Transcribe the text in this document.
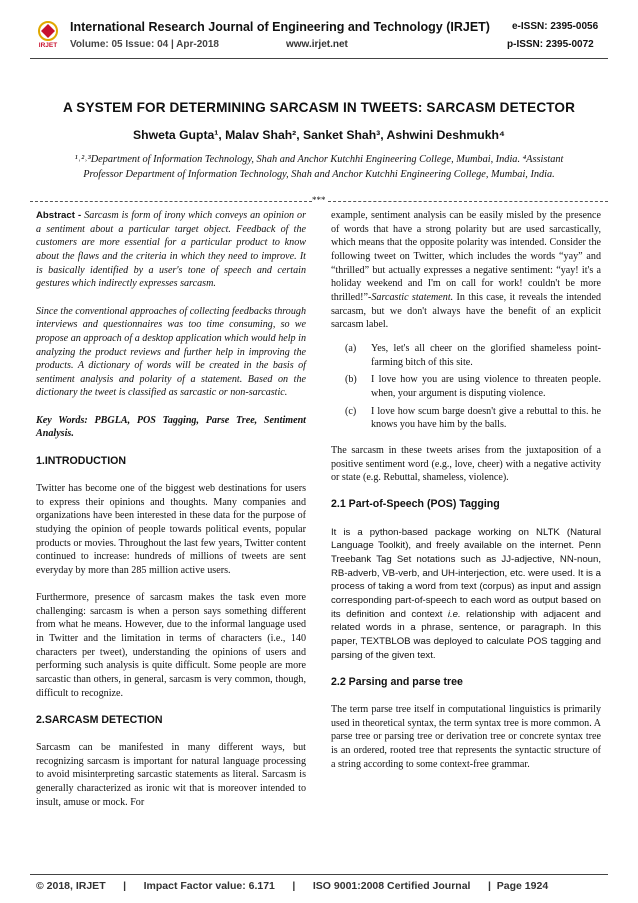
IRJET
International Research Journal of Engineering and Technology (IRJET) e-ISSN: 2395-0056
Volume: 05 Issue: 04 | Apr-2018	www.irjet.net	p-ISSN: 2395-0072
A SYSTEM FOR DETERMINING SARCASM IN TWEETS: SARCASM DETECTOR
Shweta Gupta¹, Malav Shah², Sanket Shah³, Ashwini Deshmukh⁴
¹˒²˒³Department of Information Technology, Shah and Anchor Kutchhi Engineering College, Mumbai, India. ⁴Assistant Professor Department of Information Technology, Shah and Anchor Kutchhi Engineering College, Mumbai, India.
***

Abstract - Sarcasm is form of irony which conveys an opinion or a sentiment about a particular target object. Feedback of the customers are more essential for a particular product to know about the flaws and the criteria in which they need to improve. It is basically identified by a user's tone of speech and certain gestures which indirectly expresses sarcasm.

Since the conventional approaches of collecting feedbacks through interviews and questionnaires was too time consuming, so we propose an approach of a desktop application which would help in analyzing the product reviews and further help in improving the products. A dictionary of words will be created in the basis of sentiment analysis and polarity of a statement. Based on the dictionary the tweet is classified as sarcastic or non-sarcastic.

Key Words: PBGLA, POS Tagging, Parse Tree, Sentiment Analysis.

1.INTRODUCTION

Twitter has become one of the biggest web destinations for users to express their opinions and thoughts. Many companies and organizations have been interested in these data for the purpose of studying the opinion of people towards political events, popular products or movies. Throughout the last few years, Twitter content continued to increase: hundreds of millions of tweets are sent everyday by more than 285 million active users.

Furthermore, presence of sarcasm makes the task even more challenging: sarcasm is when a person says something different from what he means. However, due to the informal language used in Twitter and the limitation in terms of characters (i.e., 140 characters per tweet), understanding the opinions of users and performing such analysis is quite difficult. Some people are more sarcastic than others, in general, sarcasm is very common, though, difficult to recognize.

2.SARCASM DETECTION

Sarcasm can be manifested in many different ways, but recognizing sarcasm is important for natural language processing to avoid misinterpreting sarcastic statements as literal. Sarcasm is generally characterized as ironic wit that is moreover intended to insult, amuse or mock. For

example, sentiment analysis can be easily misled by the presence of words that have a strong polarity but are used sarcastically, which means that the opposite polarity was intended. Consider the following tweet on Twitter, which includes the words “yay” and “thrilled” but actually expresses a negative sentiment: “yay! it's a holiday weekend and I'm on call for work! couldn't be more thrilled!”-Sarcastic statement. In this case, it reveals the intended sarcasm, but we don't always have the benefit of an explicit sarcasm label.

(a)	Yes, let's all cheer on the glorified shameless point-farming bitch of this site.
(b)	I love how you are using violence to threaten people. when, your argument is disputing violence.
(c)	I love how scum barge doesn't give a rebuttal to this. he knows you have him by the balls.

The sarcasm in these tweets arises from the juxtaposition of a positive sentiment word (e.g., love, cheer) with a negative activity or state (e.g. Rebuttal, shameless, violence).

2.1 Part-of-Speech (POS) Tagging

It is a python-based package working on NLTK (Natural Language Toolkit), and freely available on the internet. Penn Treebank Tag Set notations such as JJ-adjective, NN-noun, RB-adverb, VB-verb, and UH-interjection, etc. were used. It is a process of taking a word from text (corpus) as input and assign corresponding part-of-speech to each word as output based on its definition and context i.e. relationship with adjacent and related words in a phrase, sentence, or paragraph. In this paper, TEXTBLOB was deployed to calculate POS tagging and parsing of the given text.

2.2 Parsing and parse tree

The term parse tree itself in computational linguistics is primarily used in theoretical syntax, the term syntax tree is more common. A parse tree or parsing tree or derivation tree or concrete syntax tree is an ordered, rooted tree that represents the syntactic structure of a string according to some context-free grammar.

© 2018, IRJET | Impact Factor value: 6.171 | ISO 9001:2008 Certified Journal | Page 1924
